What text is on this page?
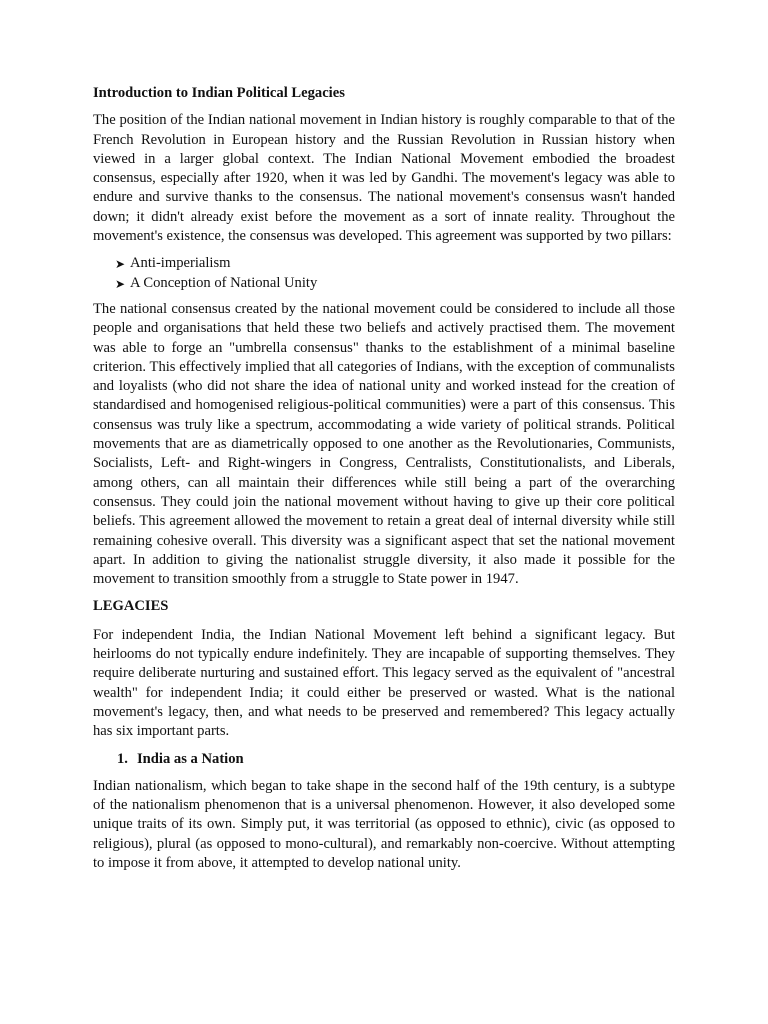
Introduction to Indian Political Legacies

The position of the Indian national movement in Indian history is roughly comparable to that of the French Revolution in European history and the Russian Revolution in Russian history when viewed in a larger global context. The Indian National Movement embodied the broadest consensus, especially after 1920, when it was led by Gandhi. The movement's legacy was able to endure and survive thanks to the consensus. The national movement's consensus wasn't handed down; it didn't already exist before the movement as a sort of innate reality. Throughout the movement's existence, the consensus was developed. This agreement was supported by two pillars:

➤ Anti-imperialism
➤ A Conception of National Unity

The national consensus created by the national movement could be considered to include all those people and organisations that held these two beliefs and actively practised them. The movement was able to forge an "umbrella consensus" thanks to the establishment of a minimal baseline criterion. This effectively implied that all categories of Indians, with the exception of communalists and loyalists (who did not share the idea of national unity and worked instead for the creation of standardised and homogenised religious-political communities) were a part of this consensus. This consensus was truly like a spectrum, accommodating a wide variety of political strands. Political movements that are as diametrically opposed to one another as the Revolutionaries, Communists, Socialists, Left- and Right-wingers in Congress, Centralists, Constitutionalists, and Liberals, among others, can all maintain their differences while still being a part of the overarching consensus. They could join the national movement without having to give up their core political beliefs. This agreement allowed the movement to retain a great deal of internal diversity while still remaining cohesive overall. This diversity was a significant aspect that set the national movement apart. In addition to giving the nationalist struggle diversity, it also made it possible for the movement to transition smoothly from a struggle to State power in 1947.

LEGACIES

For independent India, the Indian National Movement left behind a significant legacy. But heirlooms do not typically endure indefinitely. They are incapable of supporting themselves. They require deliberate nurturing and sustained effort. This legacy served as the equivalent of "ancestral wealth" for independent India; it could either be preserved or wasted. What is the national movement's legacy, then, and what needs to be preserved and remembered? This legacy actually has six important parts.

1. India as a Nation

Indian nationalism, which began to take shape in the second half of the 19th century, is a subtype of the nationalism phenomenon that is a universal phenomenon. However, it also developed some unique traits of its own. Simply put, it was territorial (as opposed to ethnic), civic (as opposed to religious), plural (as opposed to mono-cultural), and remarkably non-coercive. Without attempting to impose it from above, it attempted to develop national unity.
